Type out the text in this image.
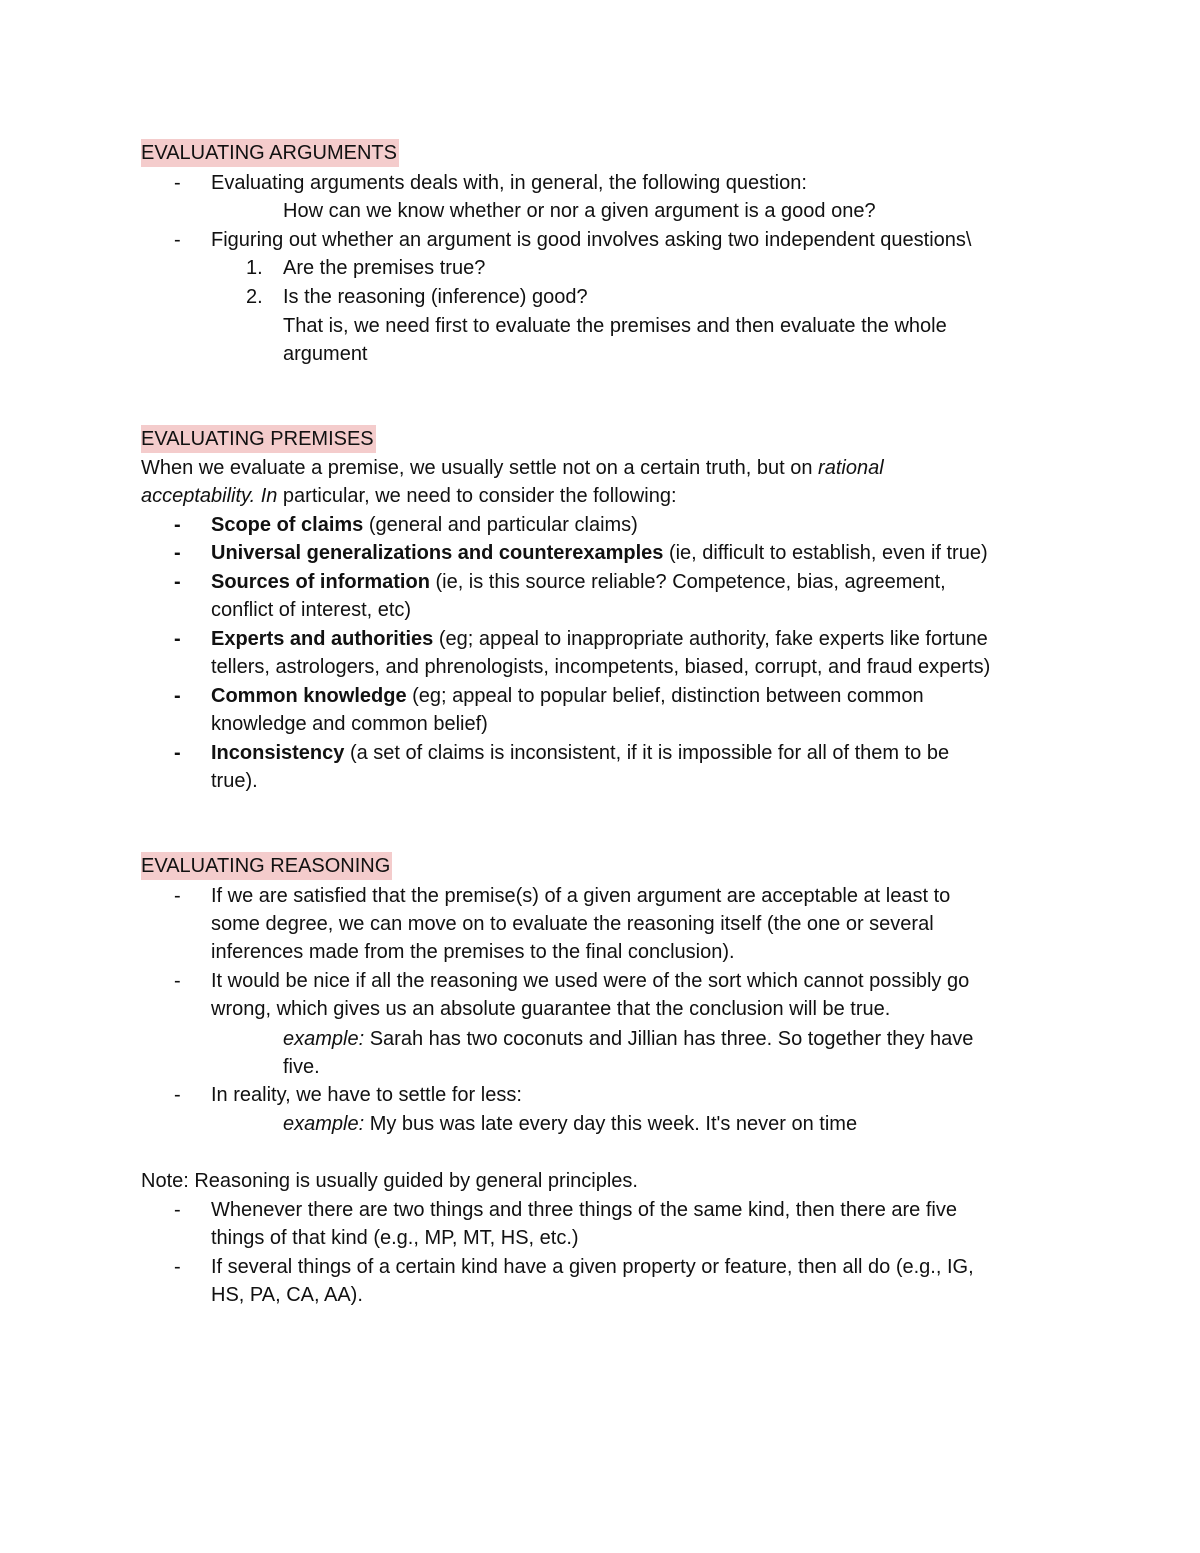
EVALUATING ARGUMENTS
- Evaluating arguments deals with, in general, the following question:
How can we know whether or nor a given argument is a good one?
- Figuring out whether an argument is good involves asking two independent questions\
1. Are the premises true?
2. Is the reasoning (inference) good?
That is, we need first to evaluate the premises and then evaluate the whole
argument
EVALUATING PREMISES
When we evaluate a premise, we usually settle not on a certain truth, but on rational
acceptability. In particular, we need to consider the following:
- Scope of claims (general and particular claims)
- Universal generalizations and counterexamples (ie, difficult to establish, even if true)
- Sources of information (ie, is this source reliable? Competence, bias, agreement,
conflict of interest, etc)
- Experts and authorities (eg; appeal to inappropriate authority, fake experts like fortune
tellers, astrologers, and phrenologists, incompetents, biased, corrupt, and fraud experts)
- Common knowledge (eg; appeal to popular belief, distinction between common
knowledge and common belief)
- Inconsistency (a set of claims is inconsistent, if it is impossible for all of them to be
true).
EVALUATING REASONING
- If we are satisfied that the premise(s) of a given argument are acceptable at least to
some degree, we can move on to evaluate the reasoning itself (the one or several
inferences made from the premises to the final conclusion).
- It would be nice if all the reasoning we used were of the sort which cannot possibly go
wrong, which gives us an absolute guarantee that the conclusion will be true.
example: Sarah has two coconuts and Jillian has three. So together they have
five.
- In reality, we have to settle for less:
example: My bus was late every day this week. It's never on time
Note: Reasoning is usually guided by general principles.
- Whenever there are two things and three things of the same kind, then there are five
things of that kind (e.g., MP, MT, HS, etc.)
- If several things of a certain kind have a given property or feature, then all do (e.g., IG,
HS, PA, CA, AA).
